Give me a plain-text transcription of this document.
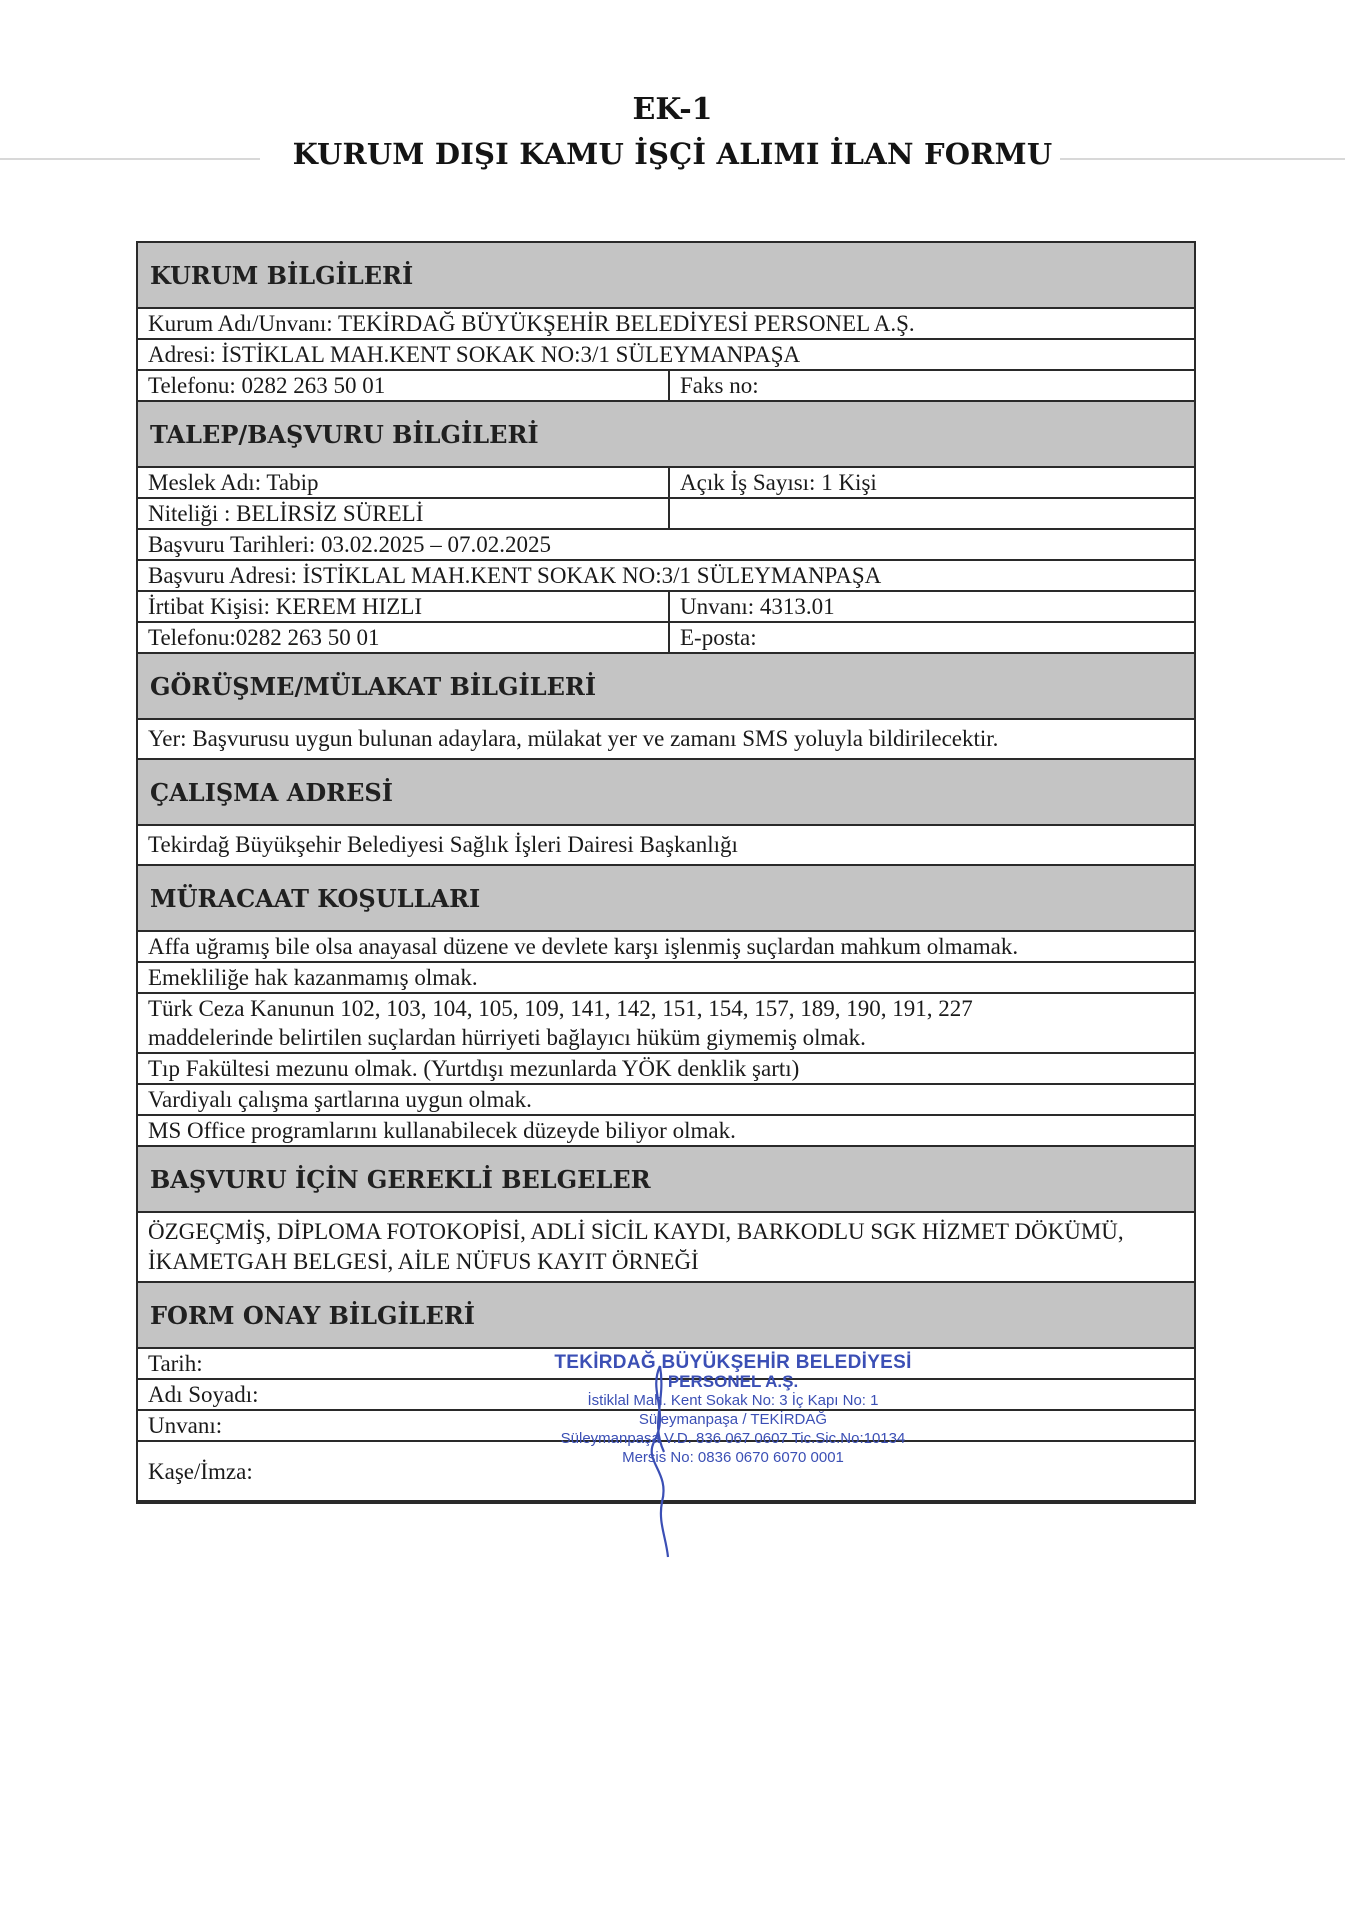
EK-1
KURUM DIŞI KAMU İŞÇİ ALIMI İLAN FORMU
KURUM BİLGİLERİ
Kurum Adı/Unvanı: TEKİRDAĞ BÜYÜKŞEHİR BELEDİYESİ PERSONEL A.Ş.
Adresi: İSTİKLAL MAH.KENT SOKAK NO:3/1 SÜLEYMANPAŞA
Telefonu: 0282 263 50 01	Faks no:
TALEP/BAŞVURU BİLGİLERİ
Meslek Adı: Tabip	Açık İş Sayısı: 1 Kişi
Niteliği : BELİRSİZ SÜRELİ
Başvuru Tarihleri: 03.02.2025 – 07.02.2025
Başvuru Adresi: İSTİKLAL MAH.KENT SOKAK NO:3/1 SÜLEYMANPAŞA
İrtibat Kişisi: KEREM HIZLI	Unvanı: 4313.01
Telefonu:0282 263 50 01	E-posta:
GÖRÜŞME/MÜLAKAT BİLGİLERİ
Yer: Başvurusu uygun bulunan adaylara, mülakat yer ve zamanı SMS yoluyla bildirilecektir.
ÇALIŞMA ADRESİ
Tekirdağ Büyükşehir Belediyesi Sağlık İşleri Dairesi Başkanlığı
MÜRACAAT KOŞULLARI
Affa uğramış bile olsa anayasal düzene ve devlete karşı işlenmiş suçlardan mahkum olmamak.
Emekliliğe hak kazanmamış olmak.
Türk Ceza Kanunun 102, 103, 104, 105, 109, 141, 142, 151, 154, 157, 189, 190, 191, 227
maddelerinde belirtilen suçlardan hürriyeti bağlayıcı hüküm giymemiş olmak.
Tıp Fakültesi mezunu olmak. (Yurtdışı mezunlarda YÖK denklik şartı)
Vardiyalı çalışma şartlarına uygun olmak.
MS Office programlarını kullanabilecek düzeyde biliyor olmak.
BAŞVURU İÇİN GEREKLİ BELGELER
ÖZGEÇMİŞ, DİPLOMA FOTOKOPİSİ, ADLİ SİCİL KAYDI, BARKODLU SGK HİZMET DÖKÜMÜ,
İKAMETGAH BELGESİ, AİLE NÜFUS KAYIT ÖRNEĞİ
FORM ONAY BİLGİLERİ
Tarih:
Adı Soyadı:
Unvanı:
Kaşe/İmza:
TEKİRDAĞ BÜYÜKŞEHİR BELEDİYESİ
PERSONEL A.Ş.
İstiklal Mah. Kent Sokak No: 3 İç Kapı No: 1
Süleymanpaşa / TEKİRDAĞ
Süleymanpaşa V.D. 836 067 0607 Tic.Sic.No:10134
Mersis No: 0836 0670 6070 0001
